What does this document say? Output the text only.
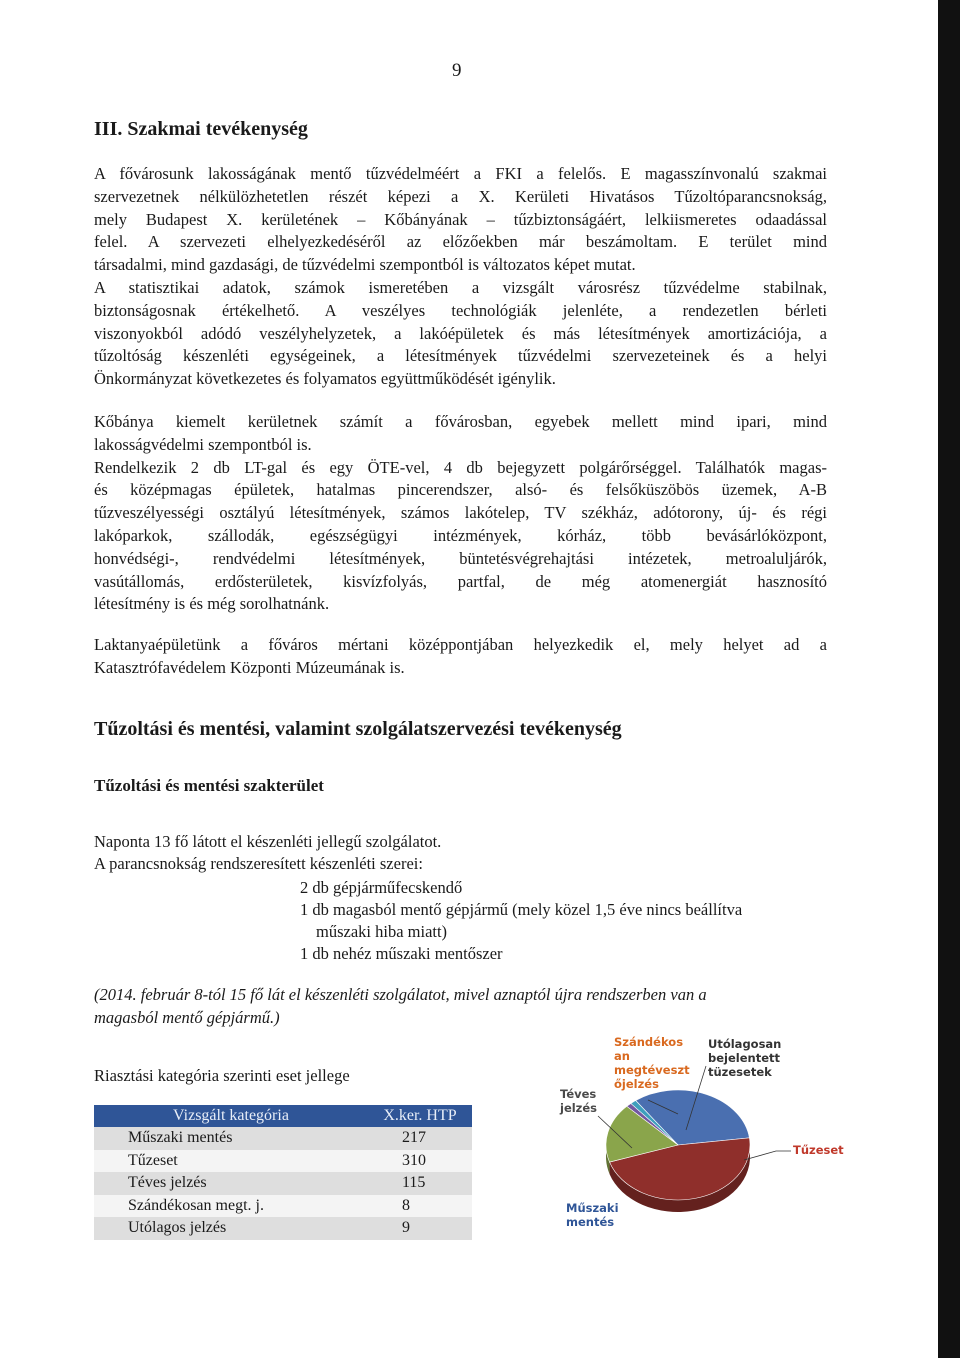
9
III. Szakmai tevékenység
A fővárosunk lakosságának mentő tűzvédelméért a FKI a felelős. E magasszínvonalú szakmai
szervezetnek nélkülözhetetlen részét képezi a X. Kerületi Hivatásos Tűzoltóparancsnokság,
mely Budapest X. kerületének – Kőbányának – tűzbiztonságáért, lelkiismeretes odaadással
felel. A szervezeti elhelyezkedéséről az előzőekben már beszámoltam. E terület mind
társadalmi, mind gazdasági, de tűzvédelmi szempontból is változatos képet mutat.
A statisztikai adatok, számok ismeretében a vizsgált városrész tűzvédelme stabilnak,
biztonságosnak értékelhető. A veszélyes technológiák jelenléte, a rendezetlen bérleti
viszonyokból adódó veszélyhelyzetek, a lakóépületek és más létesítmények amortizációja, a
tűzoltóság készenléti egységeinek, a létesítmények tűzvédelmi szervezeteinek és a helyi
Önkormányzat következetes és folyamatos együttműködését igénylik.
Kőbánya kiemelt kerületnek számít a fővárosban, egyebek mellett mind ipari, mind
lakosságvédelmi szempontból is.
Rendelkezik 2 db LT-gal és egy ÖTE-vel, 4 db bejegyzett polgárőrséggel. Találhatók magas-
és középmagas épületek, hatalmas pincerendszer, alsó- és felsőküszöbös üzemek, A-B
tűzveszélyességi osztályú létesítmények, számos lakótelep, TV székház, adótorony, új- és régi
lakóparkok, szállodák, egészségügyi intézmények, kórház, több bevásárlóközpont,
honvédségi-, rendvédelmi létesítmények, büntetésvégrehajtási intézetek, metroaluljárók,
vasútállomás, erdősterületek, kisvízfolyás, partfal, de még atomenergiát hasznosító
létesítmény is és még sorolhatnánk.
Laktanyaépületünk a főváros mértani középpontjában helyezkedik el, mely helyet ad a
Katasztrófavédelem Központi Múzeumának is.
Tűzoltási és mentési, valamint szolgálatszervezési tevékenység
Tűzoltási és mentési szakterület
Naponta 13 fő látott el készenléti jellegű szolgálatot.
A parancsnokság rendszeresített készenléti szerei:
2 db gépjárműfecskendő
1 db magasból mentő gépjármű (mely közel 1,5 éve nincs beállítva
műszaki hiba miatt)
1 db nehéz műszaki mentőszer
(2014. február 8-tól 15 fő lát el készenléti szolgálatot, mivel aznaptól újra rendszerben van a
magasból mentő gépjármű.)
Riasztási kategória szerinti eset jellege
Vizsgált kategória	X.ker. HTP
Műszaki mentés	217
Tűzeset	310
Téves jelzés	115
Szándékosan megt. j.	8
Utólagos jelzés	9
Műszaki
mentés
Tűzeset
Téves
jelzés
Szándékos
an
megtéveszt
őjelzés
Utólagosan
bejelentett
tüzesetek
